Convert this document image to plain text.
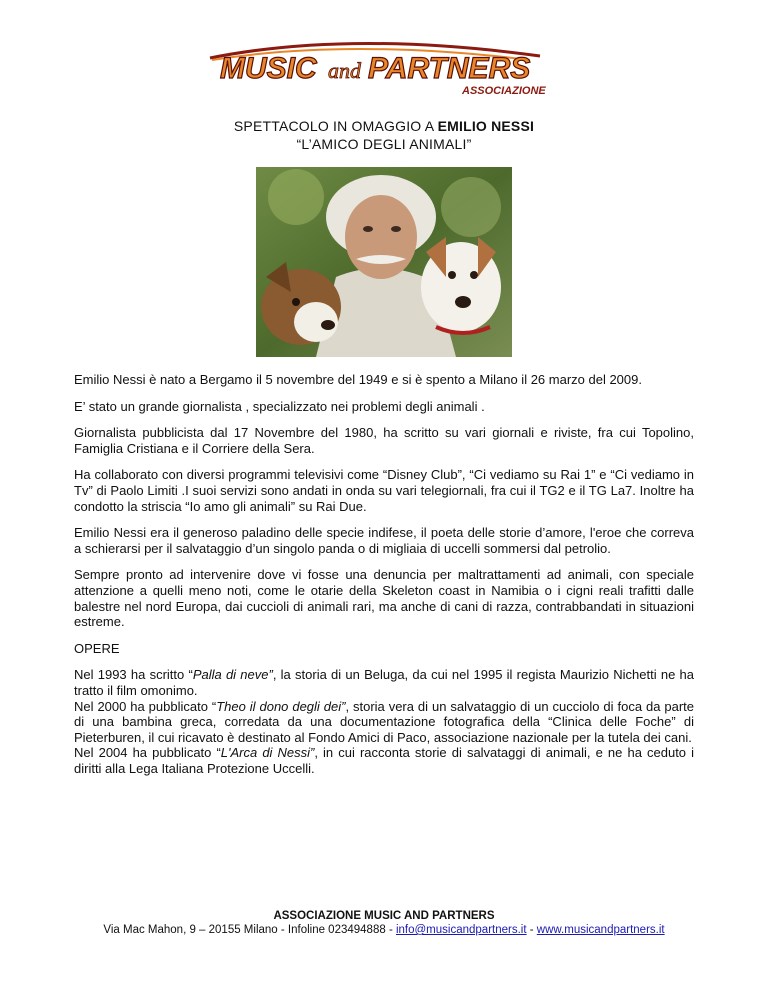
MUSIC and PARTNERS
ASSOCIAZIONE
SPETTACOLO IN OMAGGIO A EMILIO NESSI
“L’AMICO DEGLI ANIMALI”

Emilio Nessi è nato a Bergamo il 5 novembre del 1949 e si è spento a Milano il 26 marzo del 2009.

E’ stato un grande giornalista , specializzato nei problemi degli animali .

Giornalista pubblicista dal 17 Novembre del 1980, ha scritto su vari giornali e riviste, fra cui Topolino, Famiglia Cristiana e il Corriere della Sera.

Ha collaborato con diversi programmi televisivi come “Disney Club”, “Ci vediamo su Rai 1” e “Ci vediamo in Tv” di Paolo Limiti .I suoi servizi sono andati in onda su vari telegiornali, fra cui il TG2 e il TG La7. Inoltre ha condotto la striscia “Io amo gli animali” su Rai Due.

Emilio Nessi era il generoso paladino delle specie indifese, il poeta delle storie d’amore, l'eroe che correva a schierarsi per il salvataggio d’un singolo panda o di migliaia di uccelli sommersi dal petrolio.

Sempre pronto ad intervenire dove vi fosse una denuncia per maltrattamenti ad animali, con speciale attenzione a quelli meno noti, come le otarie della Skeleton coast in Namibia o i cigni reali trafitti dalle balestre nel nord Europa, dai cuccioli di animali rari, ma anche di cani di razza, contrabbandati in situazioni estreme.

OPERE

Nel 1993 ha scritto “Palla di neve”, la storia di un Beluga, da cui nel 1995 il regista Maurizio Nichetti ne ha tratto il film omonimo.

Nel 2000 ha pubblicato “Theo il dono degli dei”, storia vera di un salvataggio di un cucciolo di foca da parte di una bambina greca, corredata da una documentazione fotografica della “Clinica delle Foche” di Pieterburen, il cui ricavato è destinato al Fondo Amici di Paco, associazione nazionale per la tutela dei cani.

Nel 2004 ha pubblicato “L'Arca di Nessi”, in cui racconta storie di salvataggi di animali, e ne ha ceduto i diritti alla Lega Italiana Protezione Uccelli.

ASSOCIAZIONE MUSIC AND PARTNERS
Via Mac Mahon, 9 – 20155 Milano - Infoline 023494888 - info@musicandpartners.it - www.musicandpartners.it
